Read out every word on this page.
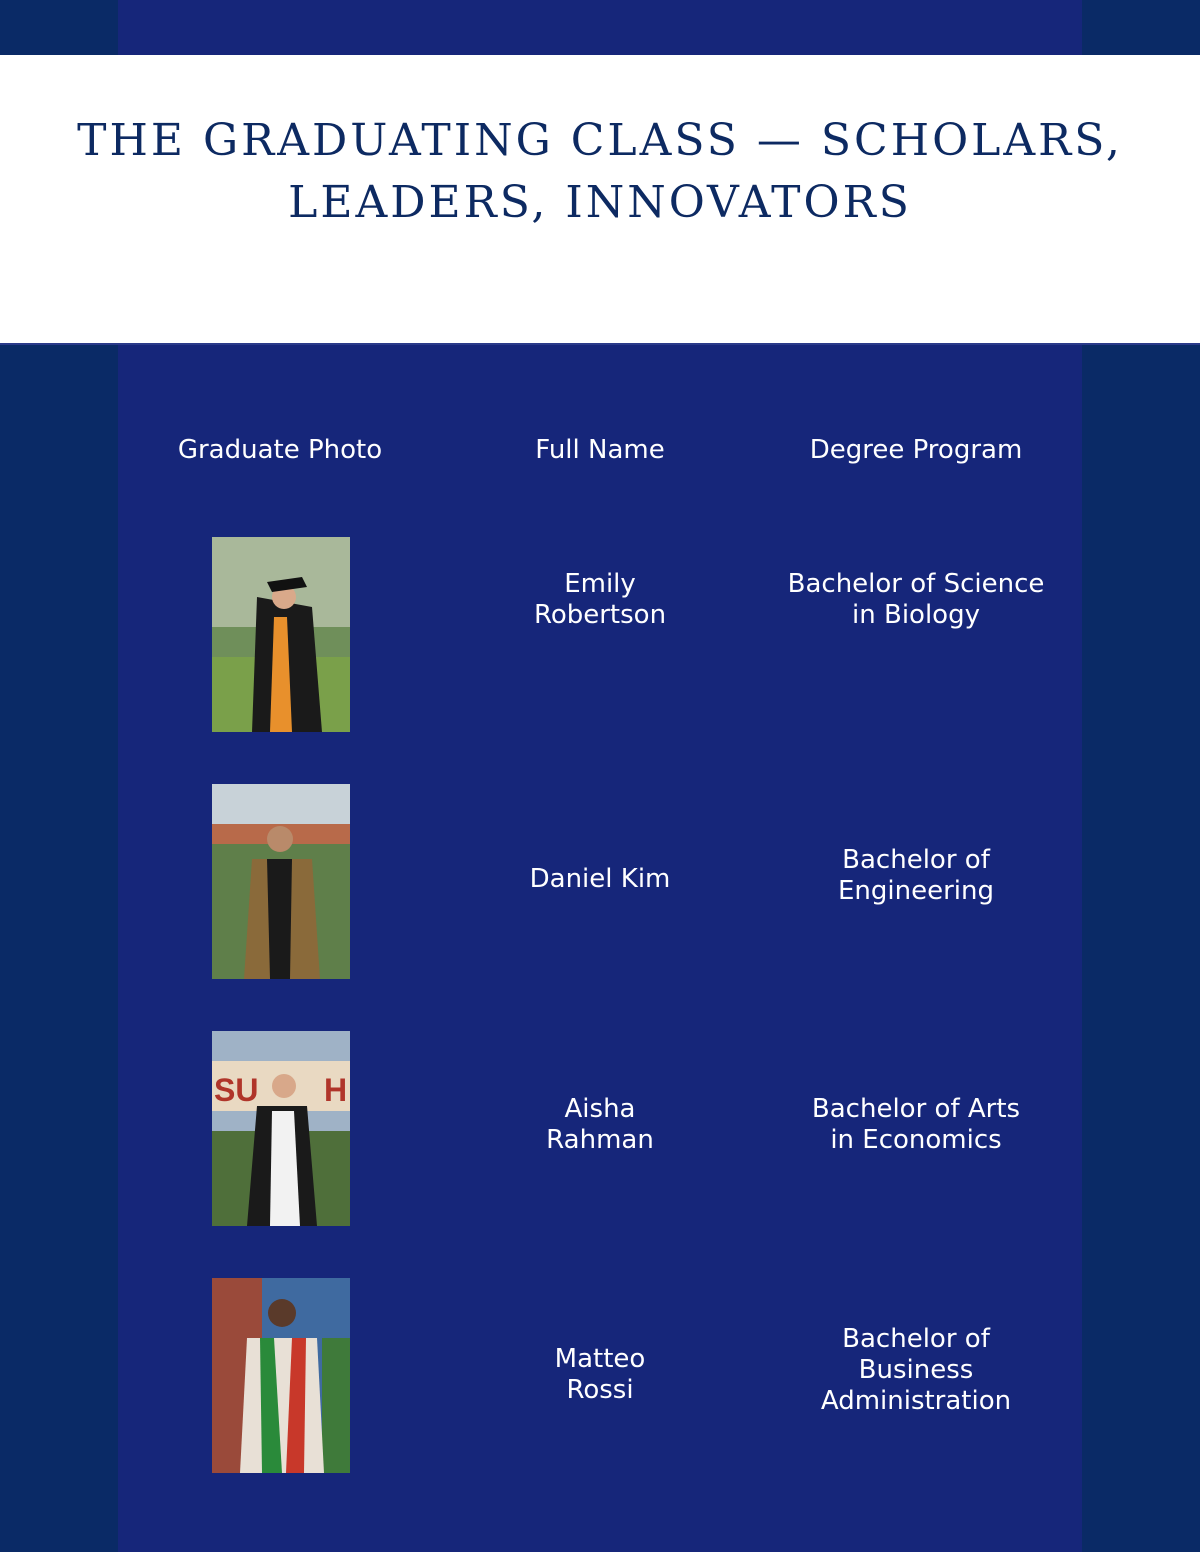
THE GRADUATING CLASS — SCHOLARS,
LEADERS, INNOVATORS
Graduate Photo	Full Name	Degree Program
Emily
Robertson
Bachelor of Science
in Biology
Daniel Kim
Bachelor of
Engineering
SU H
Aisha
Rahman
Bachelor of Arts
in Economics
Matteo
Rossi
Bachelor of
Business
Administration
